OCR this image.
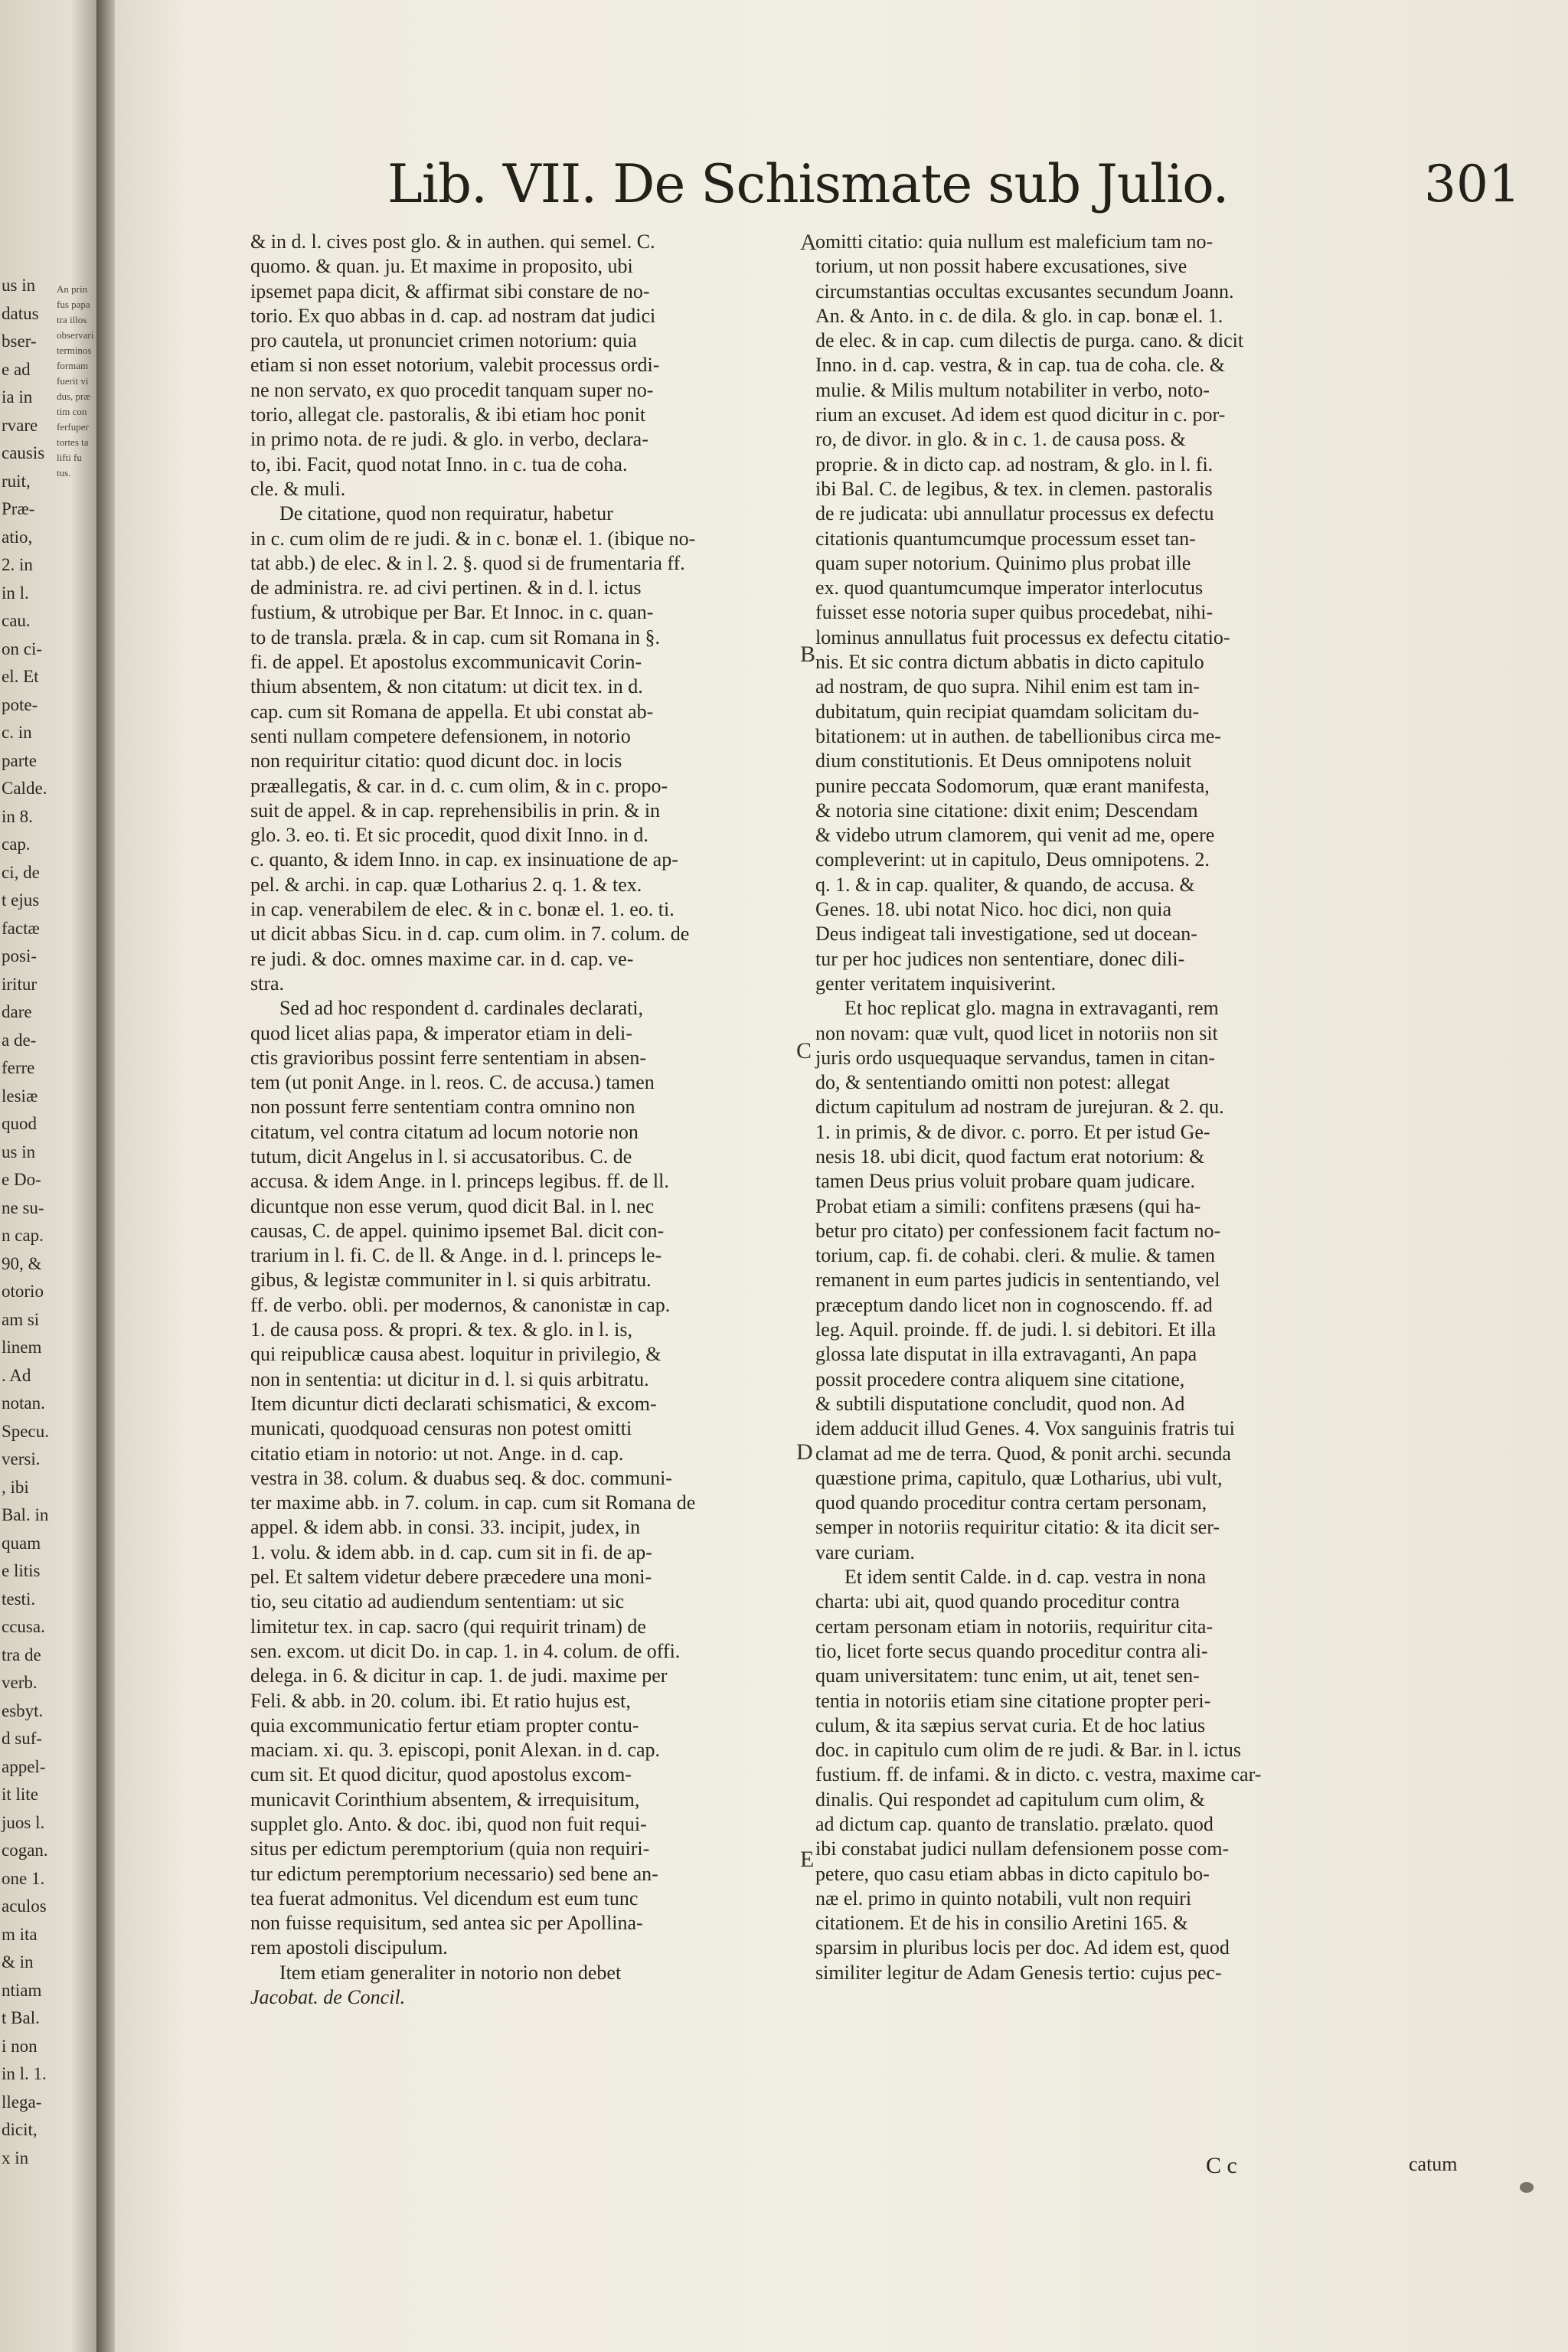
us in
datus
bser-
e ad
ia in
rvare
causis
ruit,
Præ-
atio,
2. in
in l.
cau.
on ci-
el. Et
pote-
c. in
parte
Calde.
in 8.
cap.
ci, de
t ejus
factæ
posi-
iritur
dare
a de-
ferre
lesiæ
quod
us in
e Do-
ne su-
n cap.
90, &
otorio
am si
linem
. Ad
notan.
Specu.
versi.
, ibi
Bal. in
quam
e litis
testi.
ccusa.
tra de
verb.
esbyt.
d suf-
appel-
it lite
juos l.
cogan.
one 1.
aculos
m ita
& in
ntiam
t Bal.
i non
in l. 1.
llega-
dicit,
x in
An prin
fus papa
tra illos
observari
terminos
formam
fuerit vi
dus, præ
tim con
ferfuper
tortes ta
lifti fu
tus.
Lib. VII. De Schismate sub Julio.	301
& in d. l. cives post glo. & in authen. qui semel. C.
quomo. & quan. ju. Et maxime in proposito, ubi
ipsemet papa dicit, & affirmat sibi constare de no-
torio. Ex quo abbas in d. cap. ad nostram dat judici
pro cautela, ut pronunciet crimen notorium: quia
etiam si non esset notorium, valebit processus ordi-
ne non servato, ex quo procedit tanquam super no-
torio, allegat cle. pastoralis, & ibi etiam hoc ponit
in primo nota. de re judi. & glo. in verbo, declara-
to, ibi. Facit, quod notat Inno. in c. tua de coha.
cle. & muli.
De citatione, quod non requiratur, habetur
in c. cum olim de re judi. & in c. bonæ el. 1. (ibique no-
tat abb.) de elec. & in l. 2. §. quod si de frumentaria ff.
de administra. re. ad civi pertinen. & in d. l. ictus
fustium, & utrobique per Bar. Et Innoc. in c. quan-
to de transla. præla. & in cap. cum sit Romana in §.
fi. de appel. Et apostolus excommunicavit Corin-
thium absentem, & non citatum: ut dicit tex. in d.
cap. cum sit Romana de appella. Et ubi constat ab-
senti nullam competere defensionem, in notorio
non requiritur citatio: quod dicunt doc. in locis
præallegatis, & car. in d. c. cum olim, & in c. propo-
suit de appel. & in cap. reprehensibilis in prin. & in
glo. 3. eo. ti. Et sic procedit, quod dixit Inno. in d.
c. quanto, & idem Inno. in cap. ex insinuatione de ap-
pel. & archi. in cap. quæ Lotharius 2. q. 1. & tex.
in cap. venerabilem de elec. & in c. bonæ el. 1. eo. ti.
ut dicit abbas Sicu. in d. cap. cum olim. in 7. colum. de
re judi. & doc. omnes maxime car. in d. cap. ve-
stra.
Sed ad hoc respondent d. cardinales declarati,
quod licet alias papa, & imperator etiam in deli-
ctis gravioribus possint ferre sententiam in absen-
tem (ut ponit Ange. in l. reos. C. de accusa.) tamen
non possunt ferre sententiam contra omnino non
citatum, vel contra citatum ad locum notorie non
tutum, dicit Angelus in l. si accusatoribus. C. de
accusa. & idem Ange. in l. princeps legibus. ff. de ll.
dicuntque non esse verum, quod dicit Bal. in l. nec
causas, C. de appel. quinimo ipsemet Bal. dicit con-
trarium in l. fi. C. de ll. & Ange. in d. l. princeps le-
gibus, & legistæ communiter in l. si quis arbitratu.
ff. de verbo. obli. per modernos, & canonistæ in cap.
1. de causa poss. & propri. & tex. & glo. in l. is,
qui reipublicæ causa abest. loquitur in privilegio, &
non in sententia: ut dicitur in d. l. si quis arbitratu.
Item dicuntur dicti declarati schismatici, & excom-
municati, quodquoad censuras non potest omitti
citatio etiam in notorio: ut not. Ange. in d. cap.
vestra in 38. colum. & duabus seq. & doc. communi-
ter maxime abb. in 7. colum. in cap. cum sit Romana de
appel. & idem abb. in consi. 33. incipit, judex, in
1. volu. & idem abb. in d. cap. cum sit in fi. de ap-
pel. Et saltem videtur debere præcedere una moni-
tio, seu citatio ad audiendum sententiam: ut sic
limitetur tex. in cap. sacro (qui requirit trinam) de
sen. excom. ut dicit Do. in cap. 1. in 4. colum. de offi.
delega. in 6. & dicitur in cap. 1. de judi. maxime per
Feli. & abb. in 20. colum. ibi. Et ratio hujus est,
quia excommunicatio fertur etiam propter contu-
maciam. xi. qu. 3. episcopi, ponit Alexan. in d. cap.
cum sit. Et quod dicitur, quod apostolus excom-
municavit Corinthium absentem, & irrequisitum,
supplet glo. Anto. & doc. ibi, quod non fuit requi-
situs per edictum peremptorium (quia non requiri-
tur edictum peremptorium necessario) sed bene an-
tea fuerat admonitus. Vel dicendum est eum tunc
non fuisse requisitum, sed antea sic per Apollina-
rem apostoli discipulum.
Item etiam generaliter in notorio non debet
Jacobat. de Concil.
omitti citatio: quia nullum est maleficium tam no-
torium, ut non possit habere excusationes, sive
circumstantias occultas excusantes secundum Joann.
An. & Anto. in c. de dila. & glo. in cap. bonæ el. 1.
de elec. & in cap. cum dilectis de purga. cano. & dicit
Inno. in d. cap. vestra, & in cap. tua de coha. cle. &
mulie. & Milis multum notabiliter in verbo, noto-
rium an excuset. Ad idem est quod dicitur in c. por-
ro, de divor. in glo. & in c. 1. de causa poss. &
proprie. & in dicto cap. ad nostram, & glo. in l. fi.
ibi Bal. C. de legibus, & tex. in clemen. pastoralis
de re judicata: ubi annullatur processus ex defectu
citationis quantumcumque processum esset tan-
quam super notorium. Quinimo plus probat ille
ex. quod quantumcumque imperator interlocutus
fuisset esse notoria super quibus procedebat, nihi-
lominus annullatus fuit processus ex defectu citatio-
nis. Et sic contra dictum abbatis in dicto capitulo
ad nostram, de quo supra. Nihil enim est tam in-
dubitatum, quin recipiat quamdam solicitam du-
bitationem: ut in authen. de tabellionibus circa me-
dium constitutionis. Et Deus omnipotens noluit
punire peccata Sodomorum, quæ erant manifesta,
& notoria sine citatione: dixit enim; Descendam
& videbo utrum clamorem, qui venit ad me, opere
compleverint: ut in capitulo, Deus omnipotens. 2.
q. 1. & in cap. qualiter, & quando, de accusa. &
Genes. 18. ubi notat Nico. hoc dici, non quia
Deus indigeat tali investigatione, sed ut docean-
tur per hoc judices non sententiare, donec dili-
genter veritatem inquisiverint.
Et hoc replicat glo. magna in extravaganti, rem
non novam: quæ vult, quod licet in notoriis non sit
juris ordo usquequaque servandus, tamen in citan-
do, & sententiando omitti non potest: allegat
dictum capitulum ad nostram de jurejuran. & 2. qu.
1. in primis, & de divor. c. porro. Et per istud Ge-
nesis 18. ubi dicit, quod factum erat notorium: &
tamen Deus prius voluit probare quam judicare.
Probat etiam a simili: confitens præsens (qui ha-
betur pro citato) per confessionem facit factum no-
torium, cap. fi. de cohabi. cleri. & mulie. & tamen
remanent in eum partes judicis in sententiando, vel
præceptum dando licet non in cognoscendo. ff. ad
leg. Aquil. proinde. ff. de judi. l. si debitori. Et illa
glossa late disputat in illa extravaganti, An papa
possit procedere contra aliquem sine citatione,
& subtili disputatione concludit, quod non. Ad
idem adducit illud Genes. 4. Vox sanguinis fratris tui
clamat ad me de terra. Quod, & ponit archi. secunda
quæstione prima, capitulo, quæ Lotharius, ubi vult,
quod quando proceditur contra certam personam,
semper in notoriis requiritur citatio: & ita dicit ser-
vare curiam.
Et idem sentit Calde. in d. cap. vestra in nona
charta: ubi ait, quod quando proceditur contra
certam personam etiam in notoriis, requiritur cita-
tio, licet forte secus quando proceditur contra ali-
quam universitatem: tunc enim, ut ait, tenet sen-
tentia in notoriis etiam sine citatione propter peri-
culum, & ita sæpius servat curia. Et de hoc latius
doc. in capitulo cum olim de re judi. & Bar. in l. ictus
fustium. ff. de infami. & in dicto. c. vestra, maxime car-
dinalis. Qui respondet ad capitulum cum olim, &
ad dictum cap. quanto de translatio. prælato. quod
ibi constabat judici nullam defensionem posse com-
petere, quo casu etiam abbas in dicto capitulo bo-
næ el. primo in quinto notabili, vult non requiri
citationem. Et de his in consilio Aretini 165. &
sparsim in pluribus locis per doc. Ad idem est, quod
similiter legitur de Adam Genesis tertio: cujus pec-
A
B
C
D
E
C c	catum
